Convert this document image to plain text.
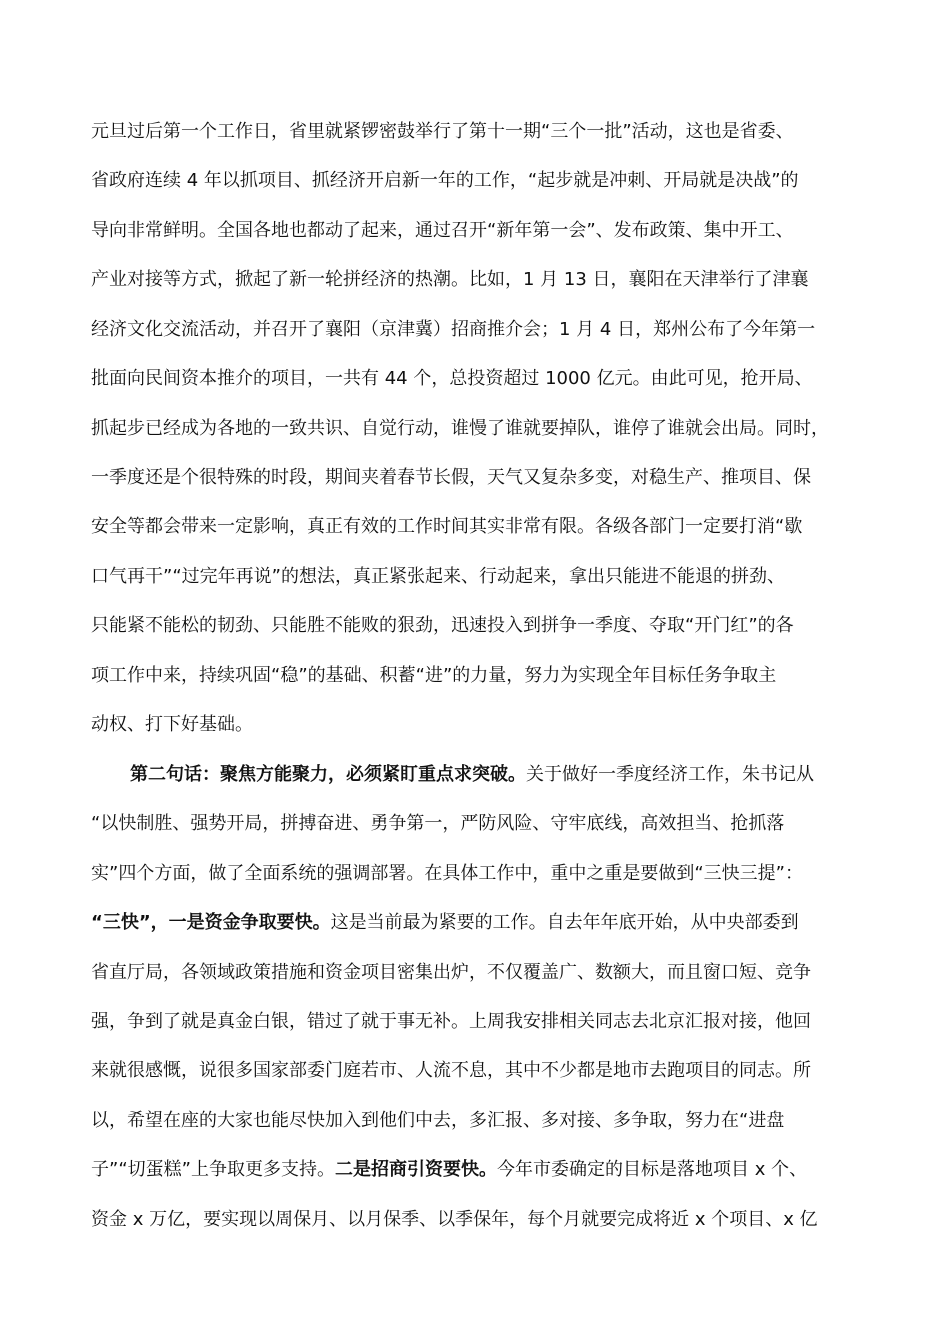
元旦过后第一个工作日，省里就紧锣密鼓举行了第十一期“三个一批”活动，这也是省委、
省政府连续 4 年以抓项目、抓经济开启新一年的工作，“起步就是冲刺、开局就是决战”的
导向非常鲜明。全国各地也都动了起来，通过召开“新年第一会”、发布政策、集中开工、
产业对接等方式，掀起了新一轮拼经济的热潮。比如，1 月 13 日，襄阳在天津举行了津襄
经济文化交流活动，并召开了襄阳（京津冀）招商推介会；1 月 4 日，郑州公布了今年第一
批面向民间资本推介的项目，一共有 44 个，总投资超过 1000 亿元。由此可见，抢开局、
抓起步已经成为各地的一致共识、自觉行动，谁慢了谁就要掉队，谁停了谁就会出局。同时，
一季度还是个很特殊的时段，期间夹着春节长假，天气又复杂多变，对稳生产、推项目、保
安全等都会带来一定影响，真正有效的工作时间其实非常有限。各级各部门一定要打消“歇
口气再干”“过完年再说”的想法，真正紧张起来、行动起来，拿出只能进不能退的拼劲、
只能紧不能松的韧劲、只能胜不能败的狠劲，迅速投入到拼争一季度、夺取“开门红”的各
项工作中来，持续巩固“稳”的基础、积蓄“进”的力量，努力为实现全年目标任务争取主
动权、打下好基础。
第二句话：聚焦方能聚力，必须紧盯重点求突破。关于做好一季度经济工作，朱书记从
“以快制胜、强势开局，拼搏奋进、勇争第一，严防风险、守牢底线，高效担当、抢抓落
实”四个方面，做了全面系统的强调部署。在具体工作中，重中之重是要做到“三快三提”：
“三快”，一是资金争取要快。这是当前最为紧要的工作。自去年年底开始，从中央部委到
省直厅局，各领域政策措施和资金项目密集出炉，不仅覆盖广、数额大，而且窗口短、竞争
强，争到了就是真金白银，错过了就于事无补。上周我安排相关同志去北京汇报对接，他回
来就很感慨，说很多国家部委门庭若市、人流不息，其中不少都是地市去跑项目的同志。所
以，希望在座的大家也能尽快加入到他们中去，多汇报、多对接、多争取，努力在“进盘
子”“切蛋糕”上争取更多支持。二是招商引资要快。今年市委确定的目标是落地项目 x 个、
资金 x 万亿，要实现以周保月、以月保季、以季保年，每个月就要完成将近 x 个项目、x 亿
